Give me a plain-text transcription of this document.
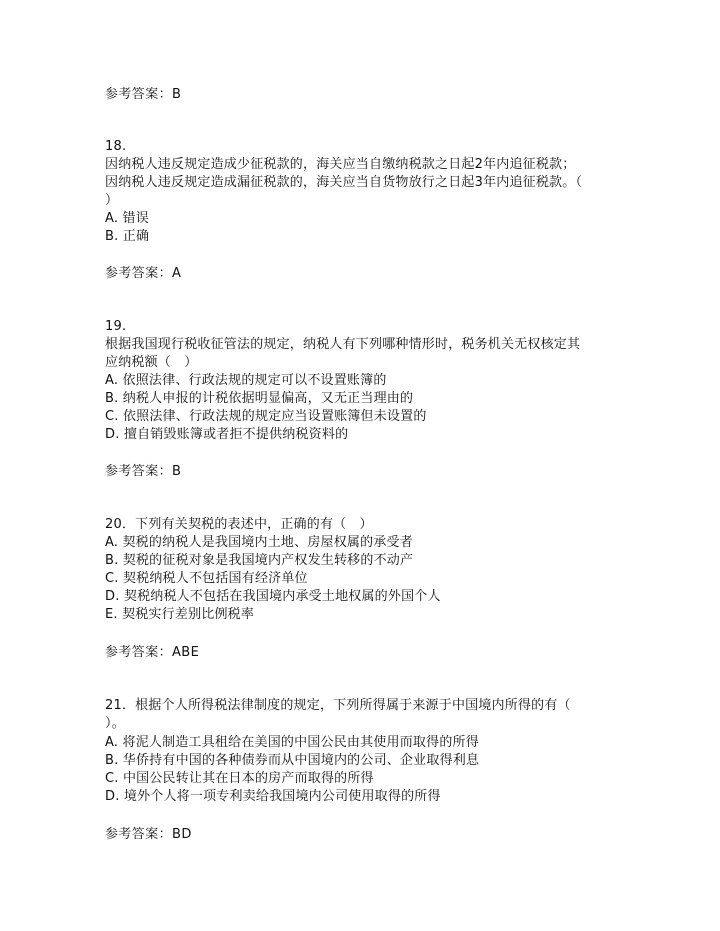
参考答案：B
18.
因纳税人违反规定造成少征税款的，海关应当自缴纳税款之日起2年内追征税款；
因纳税人违反规定造成漏征税款的，海关应当自货物放行之日起3年内追征税款。（
）
A. 错误
B. 正确
参考答案：A
19.
根据我国现行税收征管法的规定，纳税人有下列哪种情形时，税务机关无权核定其
应纳税额（　）
A. 依照法律、行政法规的规定可以不设置账簿的
B. 纳税人申报的计税依据明显偏高，又无正当理由的
C. 依照法律、行政法规的规定应当设置账簿但未设置的
D. 擅自销毁账簿或者拒不提供纳税资料的
参考答案：B
20．下列有关契税的表述中，正确的有（　）
A. 契税的纳税人是我国境内土地、房屋权属的承受者
B. 契税的征税对象是我国境内产权发生转移的不动产
C. 契税纳税人不包括国有经济单位
D. 契税纳税人不包括在我国境内承受土地权属的外国个人
E. 契税实行差别比例税率
参考答案：ABE
21．根据个人所得税法律制度的规定，下列所得属于来源于中国境内所得的有（
）。
A. 将泥人制造工具租给在美国的中国公民由其使用而取得的所得
B. 华侨持有中国的各种债券而从中国境内的公司、企业取得利息
C. 中国公民转让其在日本的房产而取得的所得
D. 境外个人将一项专利卖给我国境内公司使用取得的所得
参考答案：BD
